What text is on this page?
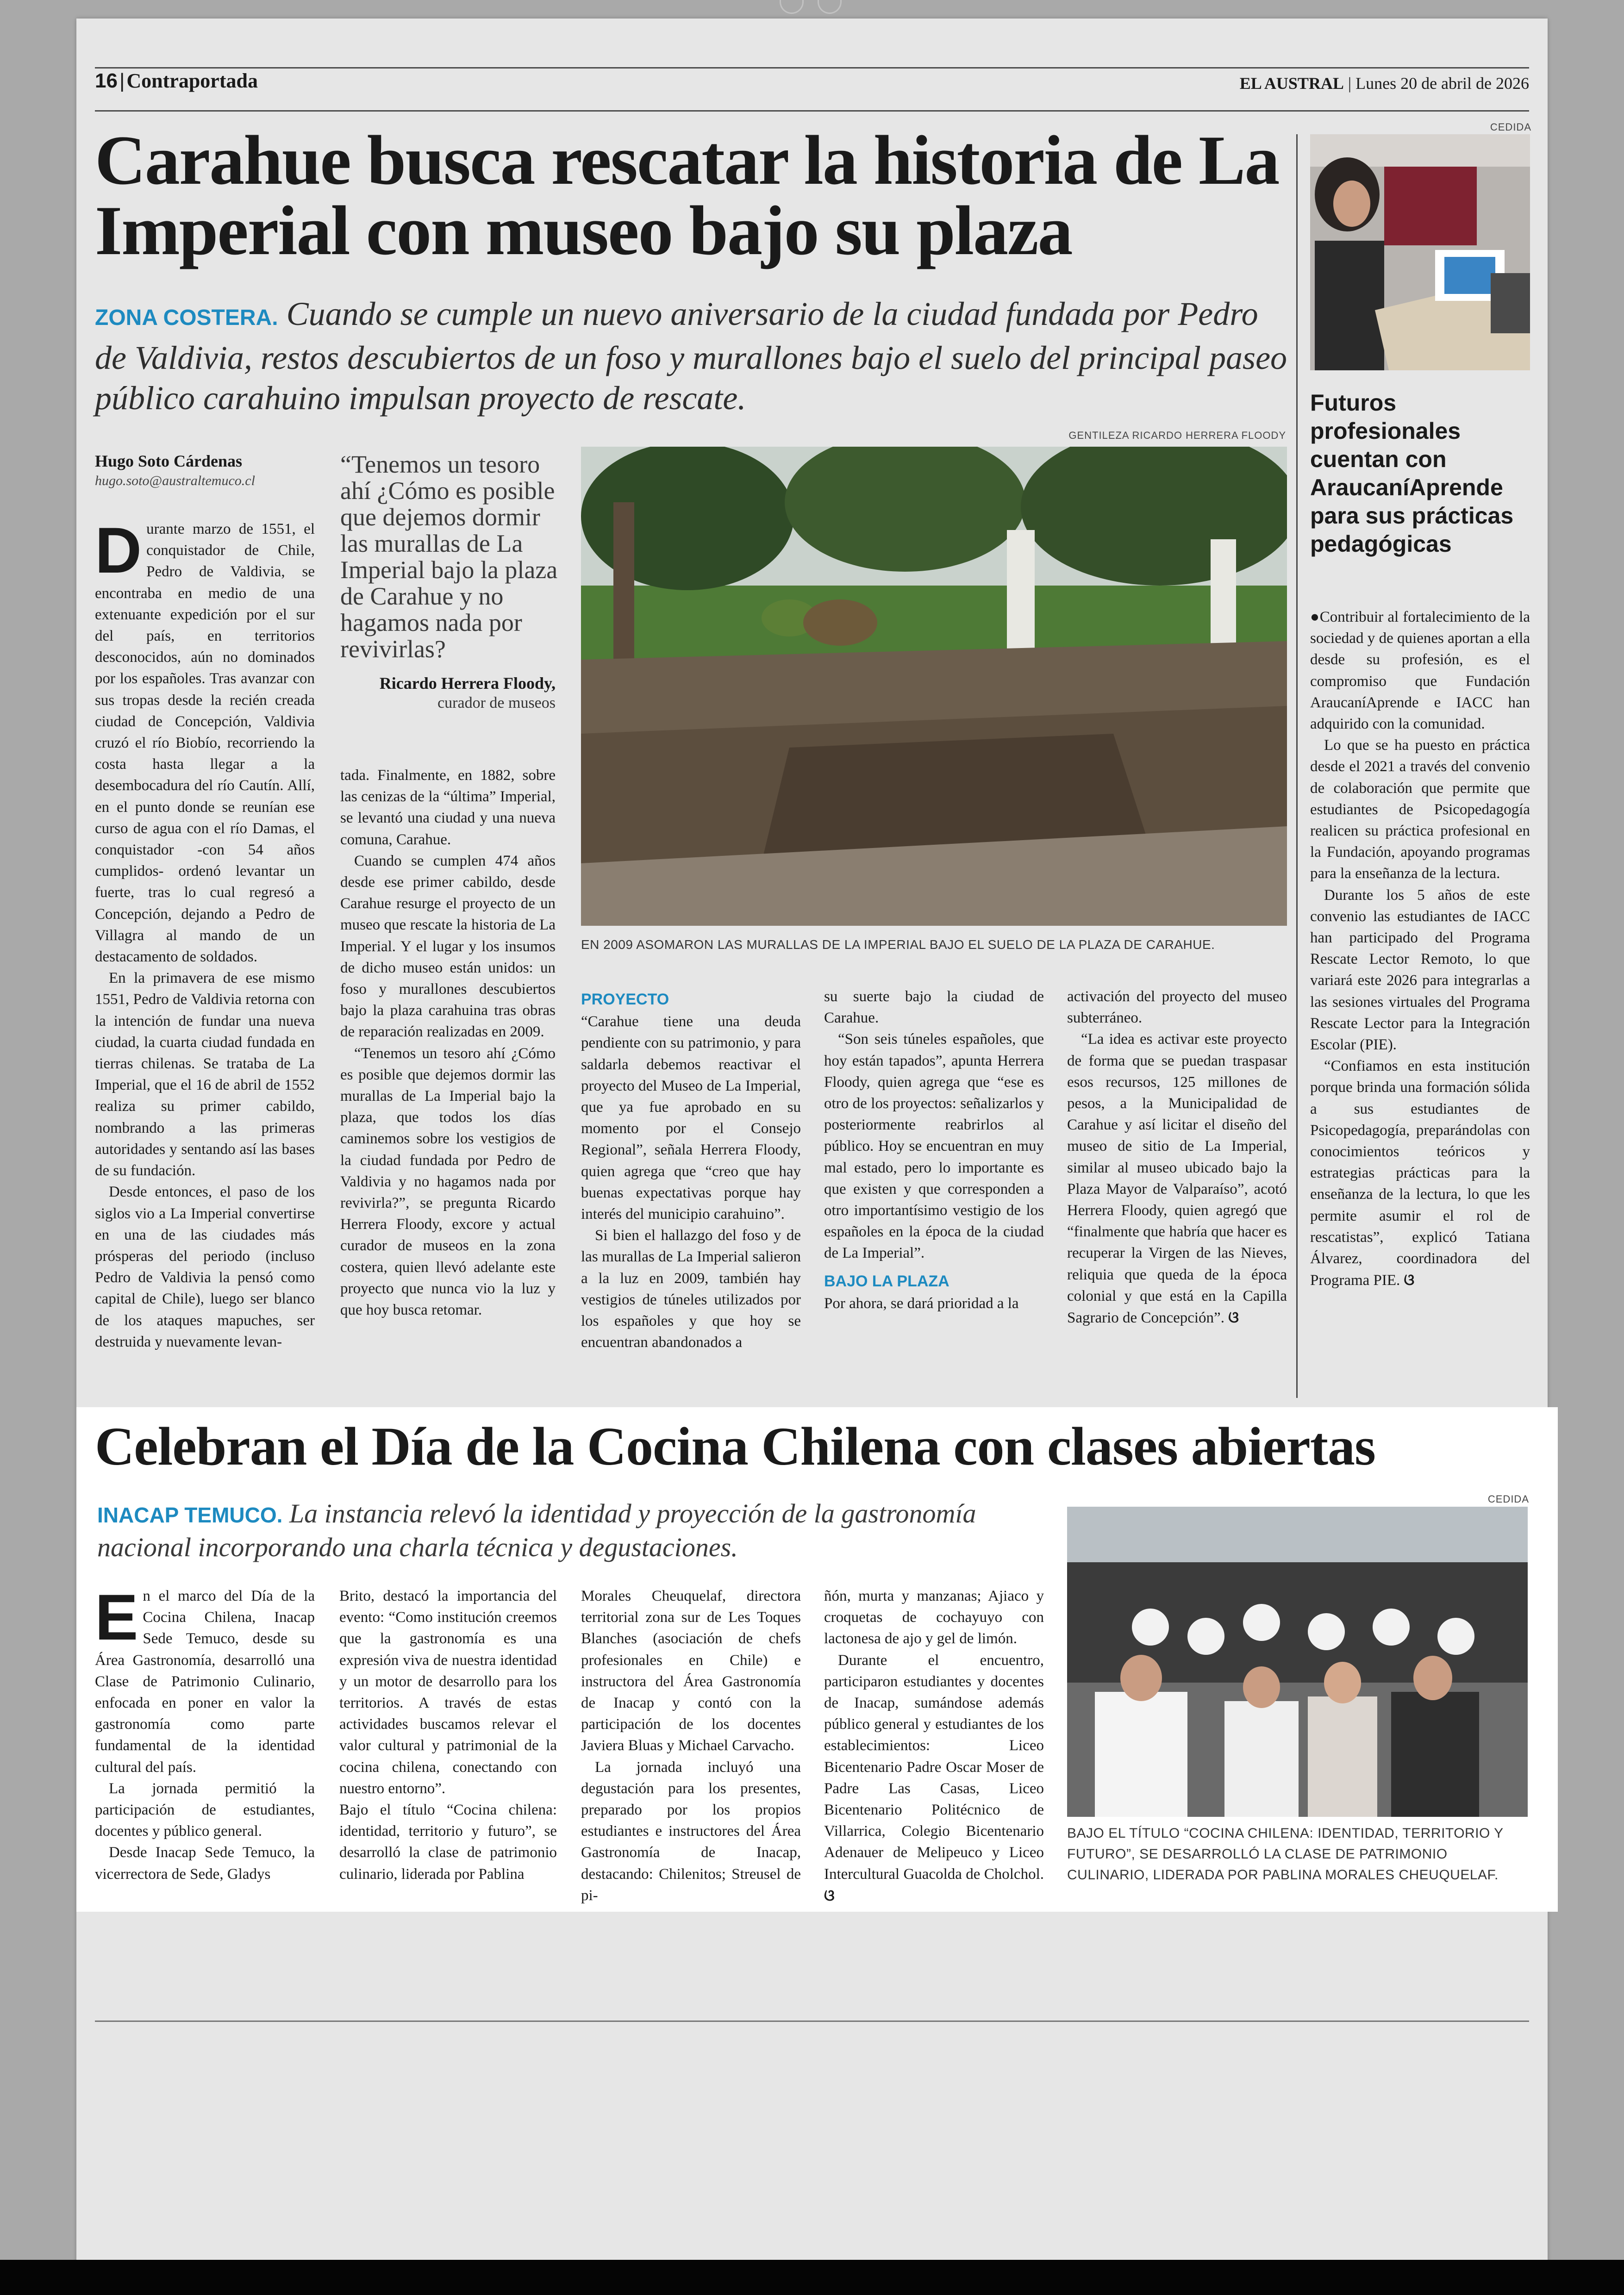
16|Contraportada	EL AUSTRAL | Lunes 20 de abril de 2026
Carahue busca rescatar la historia de La Imperial con museo bajo su plaza
ZONA COSTERA. Cuando se cumple un nuevo aniversario de la ciudad fundada por Pedro de Valdivia, restos descubiertos de un foso y murallones bajo el suelo del principal paseo público carahuino impulsan proyecto de rescate.
Hugo Soto Cárdenas
hugo.soto@australtemuco.cl
“Tenemos un tesoro ahí ¿Cómo es posible que dejemos dormir las murallas de La Imperial bajo la plaza de Carahue y no hagamos nada por revivirlas?
Ricardo Herrera Floody,
curador de museos
GENTILEZA RICARDO HERRERA FLOODY
EN 2009 ASOMARON LAS MURALLAS DE LA IMPERIAL BAJO EL SUELO DE LA PLAZA DE CARAHUE.

Durante marzo de 1551, el conquistador de Chile, Pedro de Valdivia, se encontraba en medio de una extenuante expedición por el sur del país, en territorios desconocidos, aún no dominados por los españoles. Tras avanzar con sus tropas desde la recién creada ciudad de Concepción, Valdivia cruzó el río Biobío, recorriendo la costa hasta llegar a la desembocadura del río Cautín. Allí, en el punto donde se reunían ese curso de agua con el río Damas, el conquistador -con 54 años cumplidos- ordenó levantar un fuerte, tras lo cual regresó a Concepción, dejando a Pedro de Villagra al mando de un destacamento de soldados.

En la primavera de ese mismo 1551, Pedro de Valdivia retorna con la intención de fundar una nueva ciudad, la cuarta ciudad fundada en tierras chilenas. Se trataba de La Imperial, que el 16 de abril de 1552 realiza su primer cabildo, nombrando a las primeras autoridades y sentando así las bases de su fundación.

Desde entonces, el paso de los siglos vio a La Imperial convertirse en una de las ciudades más prósperas del periodo (incluso Pedro de Valdivia la pensó como capital de Chile), luego ser blanco de los ataques mapuches, ser destruida y nuevamente levan-

tada. Finalmente, en 1882, sobre las cenizas de la “última” Imperial, se levantó una ciudad y una nueva comuna, Carahue.

Cuando se cumplen 474 años desde ese primer cabildo, desde Carahue resurge el proyecto de un museo que rescate la historia de La Imperial. Y el lugar y los insumos de dicho museo están unidos: un foso y murallones descubiertos bajo la plaza carahuina tras obras de reparación realizadas en 2009.

“Tenemos un tesoro ahí ¿Cómo es posible que dejemos dormir las murallas de La Imperial bajo la plaza, que todos los días caminemos sobre los vestigios de la ciudad fundada por Pedro de Valdivia y no hagamos nada por revivirla?”, se pregunta Ricardo Herrera Floody, excore y actual curador de museos en la zona costera, quien llevó adelante este proyecto que nunca vio la luz y que hoy busca retomar.

PROYECTO

“Carahue tiene una deuda pendiente con su patrimonio, y para saldarla debemos reactivar el proyecto del Museo de La Imperial, que ya fue aprobado en su momento por el Consejo Regional”, señala Herrera Floody, quien agrega que “creo que hay buenas expectativas porque hay interés del municipio carahuino”.

Si bien el hallazgo del foso y de las murallas de La Imperial salieron a la luz en 2009, también hay vestigios de túneles utilizados por los españoles y que hoy se encuentran abandonados a

su suerte bajo la ciudad de Carahue.

“Son seis túneles españoles, que hoy están tapados”, apunta Herrera Floody, quien agrega que “ese es otro de los proyectos: señalizarlos y posteriormente reabrirlos al público. Hoy se encuentran en muy mal estado, pero lo importante es que existen y que corresponden a otro importantísimo vestigio de los españoles en la época de la ciudad de La Imperial”.

BAJO LA PLAZA

Por ahora, se dará prioridad a la

activación del proyecto del museo subterráneo.

“La idea es activar este proyecto de forma que se puedan traspasar esos recursos, 125 millones de pesos, a la Municipalidad de Carahue y así licitar el diseño del museo de sitio de La Imperial, similar al museo ubicado bajo la Plaza Mayor de Valparaíso”, acotó Herrera Floody, quien agregó que “finalmente que habría que hacer es recuperar la Virgen de las Nieves, reliquia que queda de la época colonial y que está en la Capilla Sagrario de Concepción”. ଓ

CEDIDA
Futuros profesionales cuentan con AraucaníAprende para sus prácticas pedagógicas

●Contribuir al fortalecimiento de la sociedad y de quienes aportan a ella desde su profesión, es el compromiso que Fundación AraucaníAprende e IACC han adquirido con la comunidad.

Lo que se ha puesto en práctica desde el 2021 a través del convenio de colaboración que permite que estudiantes de Psicopedagogía realicen su práctica profesional en la Fundación, apoyando programas para la enseñanza de la lectura.

Durante los 5 años de este convenio las estudiantes de IACC han participado del Programa Rescate Lector Remoto, lo que variará este 2026 para integrarlas a las sesiones virtuales del Programa Rescate Lector para la Integración Escolar (PIE).

“Confiamos en esta institución porque brinda una formación sólida a sus estudiantes de Psicopedagogía, preparándolas con conocimientos teóricos y estrategias prácticas para la enseñanza de la lectura, lo que les permite asumir el rol de rescatistas”, explicó Tatiana Álvarez, coordinadora del Programa PIE. ଓ

Celebran el Día de la Cocina Chilena con clases abiertas
INACAP TEMUCO. La instancia relevó la identidad y proyección de la gastronomía nacional incorporando una charla técnica y degustaciones.
CEDIDA
BAJO EL TÍTULO “COCINA CHILENA: IDENTIDAD, TERRITORIO Y FUTURO”, SE DESARROLLÓ LA CLASE DE PATRIMONIO CULINARIO, LIDERADA POR PABLINA MORALES CHEUQUELAF.

En el marco del Día de la Cocina Chilena, Inacap Sede Temuco, desde su Área Gastronomía, desarrolló una Clase de Patrimonio Culinario, enfocada en poner en valor la gastronomía como parte fundamental de la identidad cultural del país.

La jornada permitió la participación de estudiantes, docentes y público general.

Desde Inacap Sede Temuco, la vicerrectora de Sede, Gladys

Brito, destacó la importancia del evento: “Como institución creemos que la gastronomía es una expresión viva de nuestra identidad y un motor de desarrollo para los territorios. A través de estas actividades buscamos relevar el valor cultural y patrimonial de la cocina chilena, conectando con nuestro entorno”.

Bajo el título “Cocina chilena: identidad, territorio y futuro”, se desarrolló la clase de patrimonio culinario, liderada por Pablina

Morales Cheuquelaf, directora territorial zona sur de Les Toques Blanches (asociación de chefs profesionales en Chile) e instructora del Área Gastronomía de Inacap y contó con la participación de los docentes Javiera Bluas y Michael Carvacho.

La jornada incluyó una degustación para los presentes, preparado por los propios estudiantes e instructores del Área Gastronomía de Inacap, destacando: Chilenitos; Streusel de pi-

ñón, murta y manzanas; Ajiaco y croquetas de cochayuyo con lactonesa de ajo y gel de limón.

Durante el encuentro, participaron estudiantes y docentes de Inacap, sumándose además público general y estudiantes de los establecimientos: Liceo Bicentenario Padre Oscar Moser de Padre Las Casas, Liceo Bicentenario Politécnico de Villarrica, Colegio Bicentenario Adenauer de Melipeuco y Liceo Intercultural Guacolda de Cholchol. ଓ
